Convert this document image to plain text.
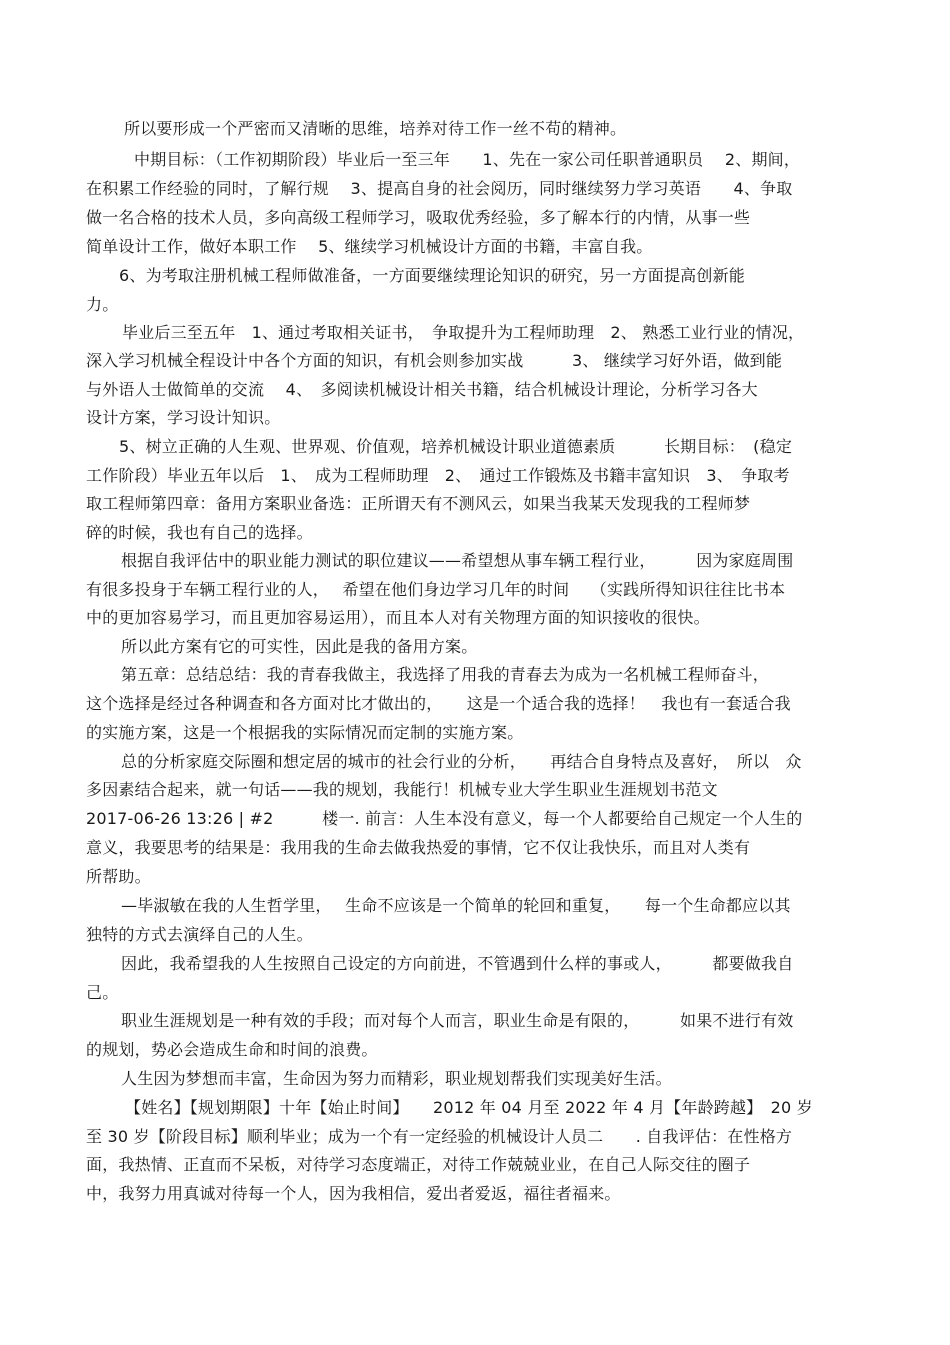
所以要形成一个严密而又清晰的思维，培养对待工作一丝不苟的精神。

中期目标：（工作初期阶段）毕业后一至三年　　1、先在一家公司任职普通职员　 2、期间，

在积累工作经验的同时，了解行规　 3、提高自身的社会阅历，同时继续努力学习英语　　4、争取

做一名合格的技术人员，多向高级工程师学习，吸取优秀经验，多了解本行的内情，从事一些

简单设计工作，做好本职工作　 5、继续学习机械设计方面的书籍，丰富自我。

6、为考取注册机械工程师做准备，一方面要继续理论知识的研究，另一方面提高创新能

力。

毕业后三至五年　1、通过考取相关证书，　争取提升为工程师助理　2、 熟悉工业行业的情况，

深入学习机械全程设计中各个方面的知识，有机会则参加实战　　　3、 继续学习好外语，做到能

与外语人士做简单的交流　 4、　多阅读机械设计相关书籍，结合机械设计理论，分析学习各大

设计方案，学习设计知识。

5、树立正确的人生观、世界观、价值观，培养机械设计职业道德素质　　　长期目标：　(稳定

工作阶段）毕业五年以后　1、　成为工程师助理　2、　通过工作锻炼及书籍丰富知识　3、　争取考

取工程师第四章：备用方案职业备选：正所谓天有不测风云，如果当我某天发现我的工程师梦

碎的时候，我也有自己的选择。

根据自我评估中的职业能力测试的职位建议——希望想从事车辆工程行业，　　　因为家庭周围

有很多投身于车辆工程行业的人，　 希望在他们身边学习几年的时间　 （实践所得知识往往比书本

中的更加容易学习，而且更加容易运用），而且本人对有关物理方面的知识接收的很快。

所以此方案有它的可实性，因此是我的备用方案。

第五章：总结总结：我的青春我做主，我选择了用我的青春去为成为一名机械工程师奋斗，

这个选择是经过各种调查和各方面对比才做出的，　　这是一个适合我的选择！　我也有一套适合我

的实施方案，这是一个根据我的实际情况而定制的实施方案。

总的分析家庭交际圈和想定居的城市的社会行业的分析，　　再结合自身特点及喜好，　所以　众

多因素结合起来，就一句话——我的规划，我能行！机械专业大学生职业生涯规划书范文

2017-06-26 13:26 | #2　　　楼一. 前言：人生本没有意义，每一个人都要给自己规定一个人生的

意义，我要思考的结果是：我用我的生命去做我热爱的事情，它不仅让我快乐，而且对人类有

所帮助。

—毕淑敏在我的人生哲学里，　 生命不应该是一个简单的轮回和重复，　　每一个生命都应以其

独特的方式去演绎自己的人生。

因此，我希望我的人生按照自己设定的方向前进，不管遇到什么样的事或人，　　　都要做我自

己。

职业生涯规划是一种有效的手段；而对每个人而言，职业生命是有限的，　　　如果不进行有效

的规划，势必会造成生命和时间的浪费。

人生因为梦想而丰富，生命因为努力而精彩，职业规划帮我们实现美好生活。

【姓名】【规划期限】十年【始止时间】　　2012 年 04 月至 2022 年 4 月【年龄跨越】　20 岁

至 30 岁【阶段目标】顺利毕业；成为一个有一定经验的机械设计人员二　　. 自我评估：在性格方

面，我热情、正直而不呆板，对待学习态度端正，对待工作兢兢业业，在自己人际交往的圈子

中，我努力用真诚对待每一个人，因为我相信，爱出者爱返，福往者福来。
